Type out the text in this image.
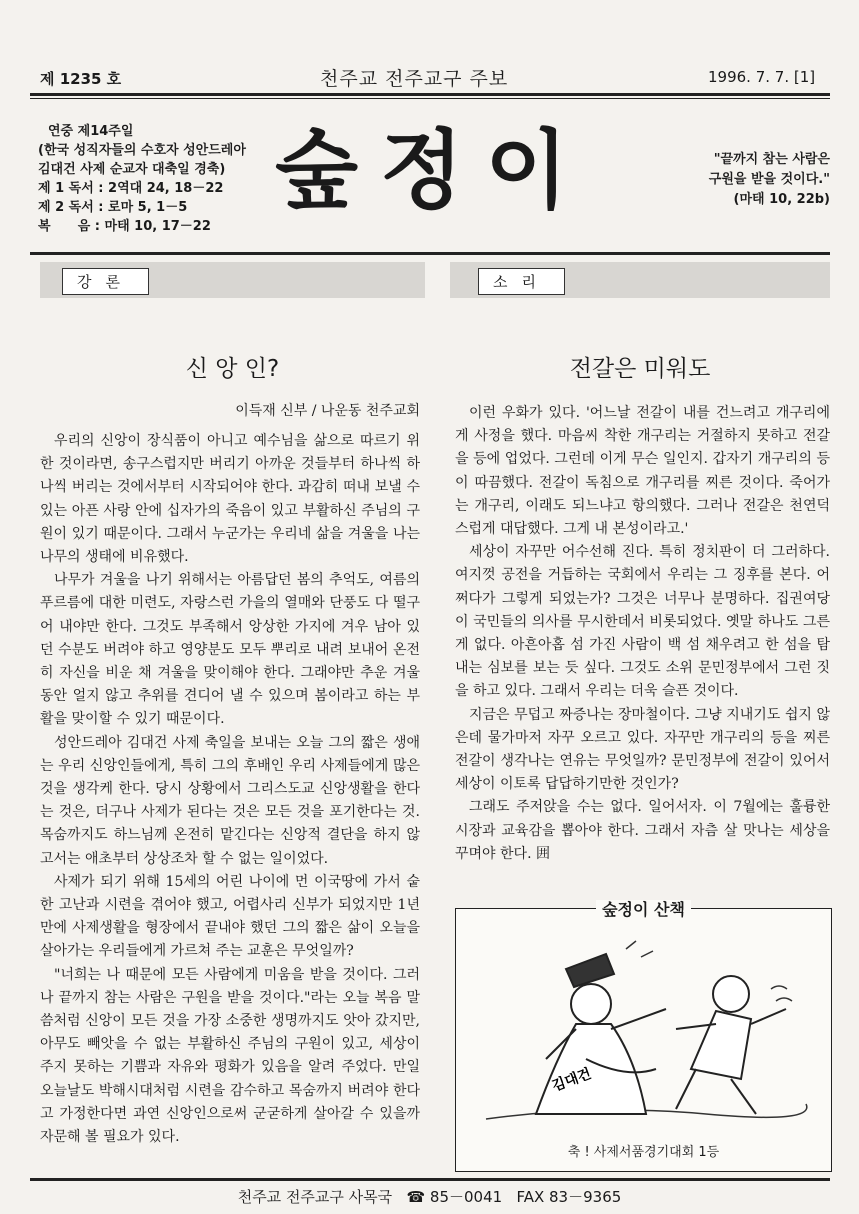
제 1235 호	천주교 전주교구 주보	1996. 7. 7. [1]
연중 제14주일
(한국 성직자들의 수호자 성안드레아
김대건 사제 순교자 대축일 경축)
제 1 독서 : 2역대 24, 18－22
제 2 독서 : 로마 5, 1－5
복      음 : 마태 10, 17－22
숲정이	"끝까지 참는 사람은
구원을 받을 것이다."
(마태 10, 22b)
강론	소리
신 앙 인?
이득재 신부 / 나운동 천주교회

우리의 신앙이 장식품이 아니고 예수님을 삶으로 따르기 위한 것이라면, 송구스럽지만 버리기 아까운 것들부터 하나씩 하나씩 버리는 것에서부터 시작되어야 한다. 과감히 떠내 보낼 수 있는 아픈 사랑 안에 십자가의 죽음이 있고 부활하신 주님의 구원이 있기 때문이다. 그래서 누군가는 우리네 삶을 겨울을 나는 나무의 생태에 비유했다.

나무가 겨울을 나기 위해서는 아름답던 봄의 추억도, 여름의 푸르름에 대한 미련도, 자랑스런 가을의 열매와 단풍도 다 떨구어 내야만 한다. 그것도 부족해서 앙상한 가지에 겨우 남아 있던 수분도 버려야 하고 영양분도 모두 뿌리로 내려 보내어 온전히 자신을 비운 채 겨울을 맞이해야 한다. 그래야만 추운 겨울 동안 얼지 않고 추위를 견디어 낼 수 있으며 봄이라고 하는 부활을 맞이할 수 있기 때문이다.

성안드레아 김대건 사제 축일을 보내는 오늘 그의 짧은 생애는 우리 신앙인들에게, 특히 그의 후배인 우리 사제들에게 많은 것을 생각케 한다. 당시 상황에서 그리스도교 신앙생활을 한다는 것은, 더구나 사제가 된다는 것은 모든 것을 포기한다는 것. 목숨까지도 하느님께 온전히 맡긴다는 신앙적 결단을 하지 않고서는 애초부터 상상조차 할 수 없는 일이었다.

사제가 되기 위해 15세의 어린 나이에 먼 이국땅에 가서 숱한 고난과 시련을 겪어야 했고, 어렵사리 신부가 되었지만 1년만에 사제생활을 형장에서 끝내야 했던 그의 짧은 삶이 오늘을 살아가는 우리들에게 가르쳐 주는 교훈은 무엇일까?

"너희는 나 때문에 모든 사람에게 미움을 받을 것이다. 그러나 끝까지 참는 사람은 구원을 받을 것이다."라는 오늘 복음 말씀처럼 신앙이 모든 것을 가장 소중한 생명까지도 앗아 갔지만, 아무도 빼앗을 수 없는 부활하신 주님의 구원이 있고, 세상이 주지 못하는 기쁨과 자유와 평화가 있음을 알려 주었다. 만일 오늘날도 박해시대처럼 시련을 감수하고 목숨까지 버려야 한다고 가정한다면 과연 신앙인으로써 군굳하게 살아갈 수 있을까 자문해 볼 필요가 있다.

전갈은 미워도

이런 우화가 있다. '어느날 전갈이 내를 건느려고 개구리에게 사정을 했다. 마음씨 착한 개구리는 거절하지 못하고 전갈을 등에 업었다. 그런데 이게 무슨 일인지. 갑자기 개구리의 등이 따끔했다. 전갈이 독침으로 개구리를 찌른 것이다. 죽어가는 개구리, 이래도 되느냐고 항의했다. 그러나 전갈은 천연덕스럽게 대답했다. 그게 내 본성이라고.'

세상이 자꾸만 어수선해 진다. 특히 정치판이 더 그러하다. 여지껏 공전을 거듭하는 국회에서 우리는 그 징후를 본다. 어쩌다가 그렇게 되었는가? 그것은 너무나 분명하다. 집권여당이 국민들의 의사를 무시한데서 비롯되었다. 옛말 하나도 그른 게 없다. 아흔아홉 섬 가진 사람이 백 섬 채우려고 한 섬을 탐내는 심보를 보는 듯 싶다. 그것도 소위 문민정부에서 그런 짓을 하고 있다. 그래서 우리는 더욱 슬픈 것이다.

지금은 무덥고 짜증나는 장마철이다. 그냥 지내기도 쉽지 않은데 물가마저 자꾸 오르고 있다. 자꾸만 개구리의 등을 찌른 전갈이 생각나는 연유는 무엇일까? 문민정부에 전갈이 있어서 세상이 이토록 답답하기만한 것인가?

그래도 주저앉을 수는 없다. 일어서자. 이 7월에는 훌륭한 시장과 교육감을 뽑아야 한다. 그래서 자츰 살 맛나는 세상을 꾸며야 한다. 囲

숲정이 산책
김대건
축 ! 사제서품경기대회 1등
천주교 전주교구 사목국   ☎ 85－0041   FAX 83－9365
